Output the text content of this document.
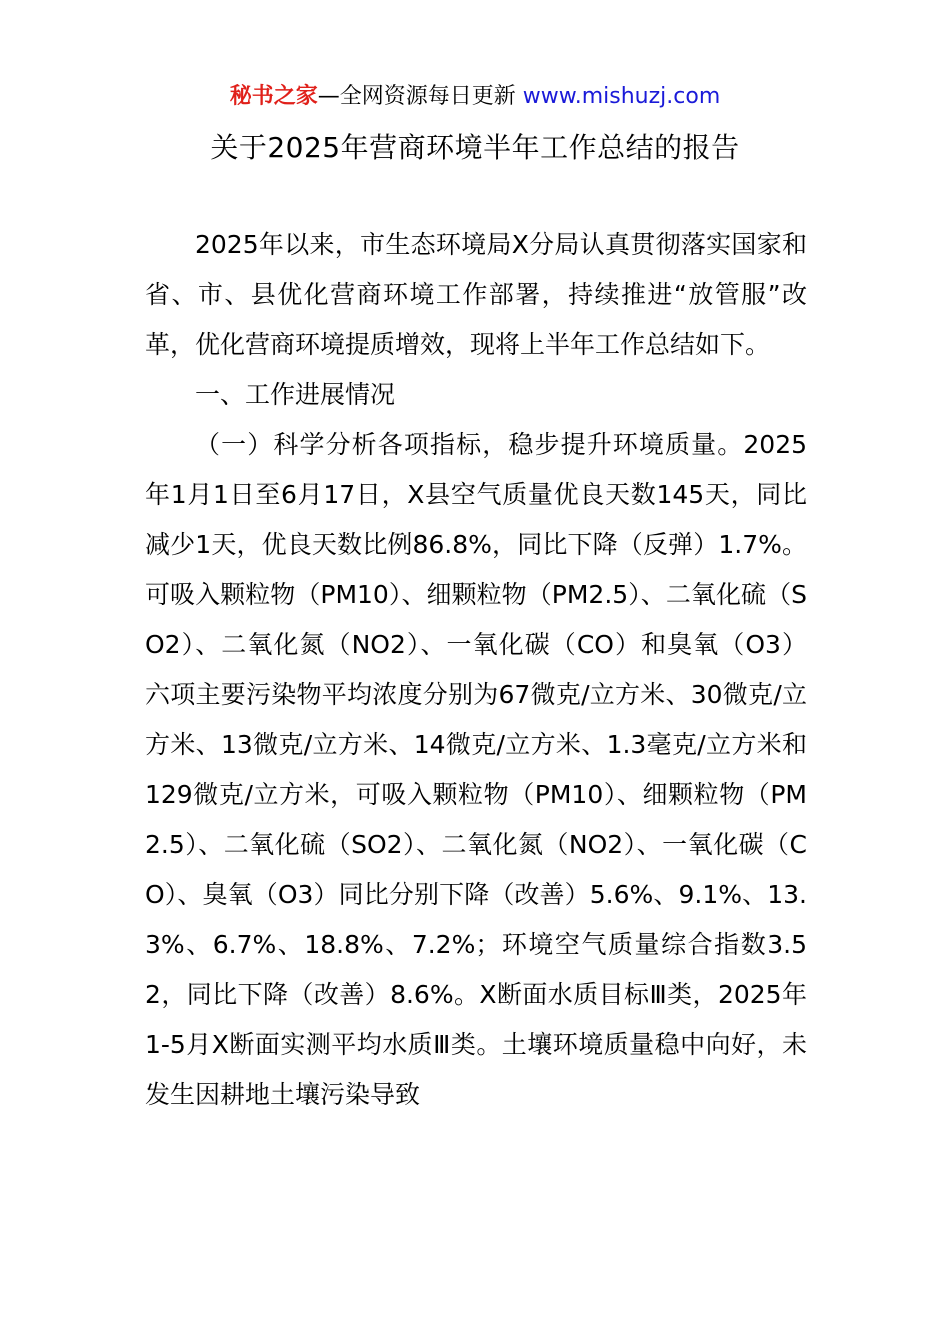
秘书之家—全网资源每日更新 www.mishuzj.com
关于2025年营商环境半年工作总结的报告

2025年以来，市生态环境局X分局认真贯彻落实国家和省、市、县优化营商环境工作部署，持续推进“放管服”改革，优化营商环境提质增效，现将上半年工作总结如下。

一、工作进展情况

（一）科学分析各项指标，稳步提升环境质量。2025年1月1日至6月17日，X县空气质量优良天数145天，同比减少1天，优良天数比例86.8%，同比下降（反弹）1.7%。可吸入颗粒物（PM10）、细颗粒物（PM2.5）、二氧化硫（SO2）、二氧化氮（NO2）、一氧化碳（CO）和臭氧（O3）六项主要污染物平均浓度分别为67微克/立方米、30微克/立方米、13微克/立方米、14微克/立方米、1.3毫克/立方米和129微克/立方米，可吸入颗粒物（PM10）、细颗粒物（PM2.5）、二氧化硫（SO2）、二氧化氮（NO2）、一氧化碳（CO）、臭氧（O3）同比分别下降（改善）5.6%、9.1%、13.3%、6.7%、18.8%、7.2%；环境空气质量综合指数3.52，同比下降（改善）8.6%。X断面水质目标Ⅲ类，2025年1-5月X断面实测平均水质Ⅲ类。土壤环境质量稳中向好，未发生因耕地土壤污染导致
